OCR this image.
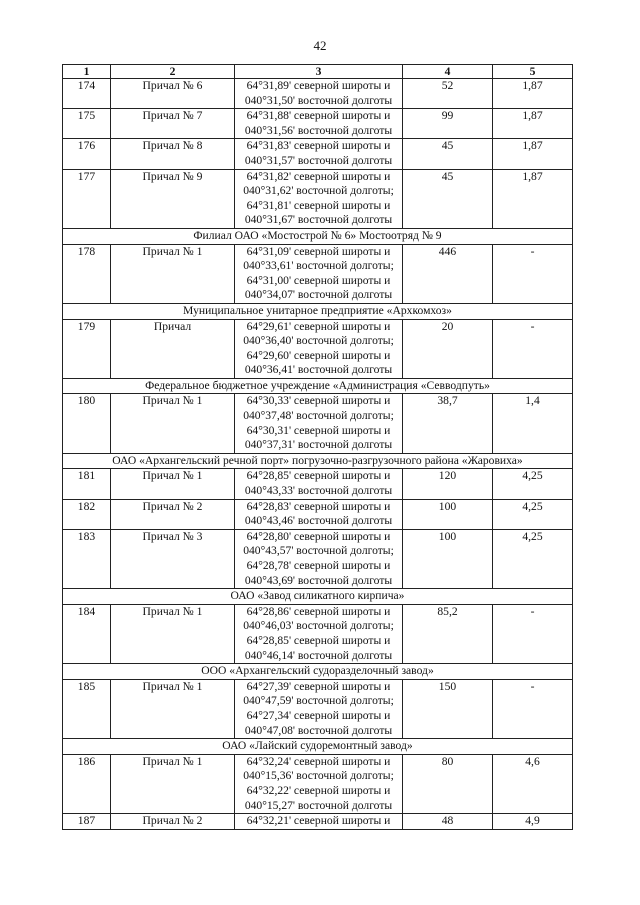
42
1	2	3	4	5
174	Причал № 6	64°31,89' северной широты и
040°31,50' восточной долготы	52	1,87
175	Причал № 7	64°31,88' северной широты и
040°31,56' восточной долготы	99	1,87
176	Причал № 8	64°31,83' северной широты и
040°31,57' восточной долготы	45	1,87
177	Причал № 9	64°31,82' северной широты и
040°31,62' восточной долготы;
64°31,81' северной широты и
040°31,67' восточной долготы	45	1,87
Филиал ОАО «Мостострой № 6» Мостоотряд № 9				
178	Причал № 1	64°31,09' северной широты и
040°33,61' восточной долготы;
64°31,00' северной широты и
040°34,07' восточной долготы	446	-
Муниципальное унитарное предприятие «Архкомхоз»				
179	Причал	64°29,61' северной широты и
040°36,40' восточной долготы;
64°29,60' северной широты и
040°36,41' восточной долготы	20	-
Федеральное бюджетное учреждение «Администрация «Севводпуть»				
180	Причал № 1	64°30,33' северной широты и
040°37,48' восточной долготы;
64°30,31' северной широты и
040°37,31' восточной долготы	38,7	1,4
ОАО «Архангельский речной порт» погрузочно-разгрузочного района «Жаровиха»				
181	Причал № 1	64°28,85' северной широты и
040°43,33' восточной долготы	120	4,25
182	Причал № 2	64°28,83' северной широты и
040°43,46' восточной долготы	100	4,25
183	Причал № 3	64°28,80' северной широты и
040°43,57' восточной долготы;
64°28,78' северной широты и
040°43,69' восточной долготы	100	4,25
ОАО «Завод силикатного кирпича»				
184	Причал № 1	64°28,86' северной широты и
040°46,03' восточной долготы;
64°28,85' северной широты и
040°46,14' восточной долготы	85,2	-
ООО «Архангельский судоразделочный завод»				
185	Причал № 1	64°27,39' северной широты и
040°47,59' восточной долготы;
64°27,34' северной широты и
040°47,08' восточной долготы	150	-
ОАО «Лайский судоремонтный завод»				
186	Причал № 1	64°32,24' северной широты и
040°15,36' восточной долготы;
64°32,22' северной широты и
040°15,27' восточной долготы	80	4,6
187	Причал № 2	64°32,21' северной широты и	48	4,9
